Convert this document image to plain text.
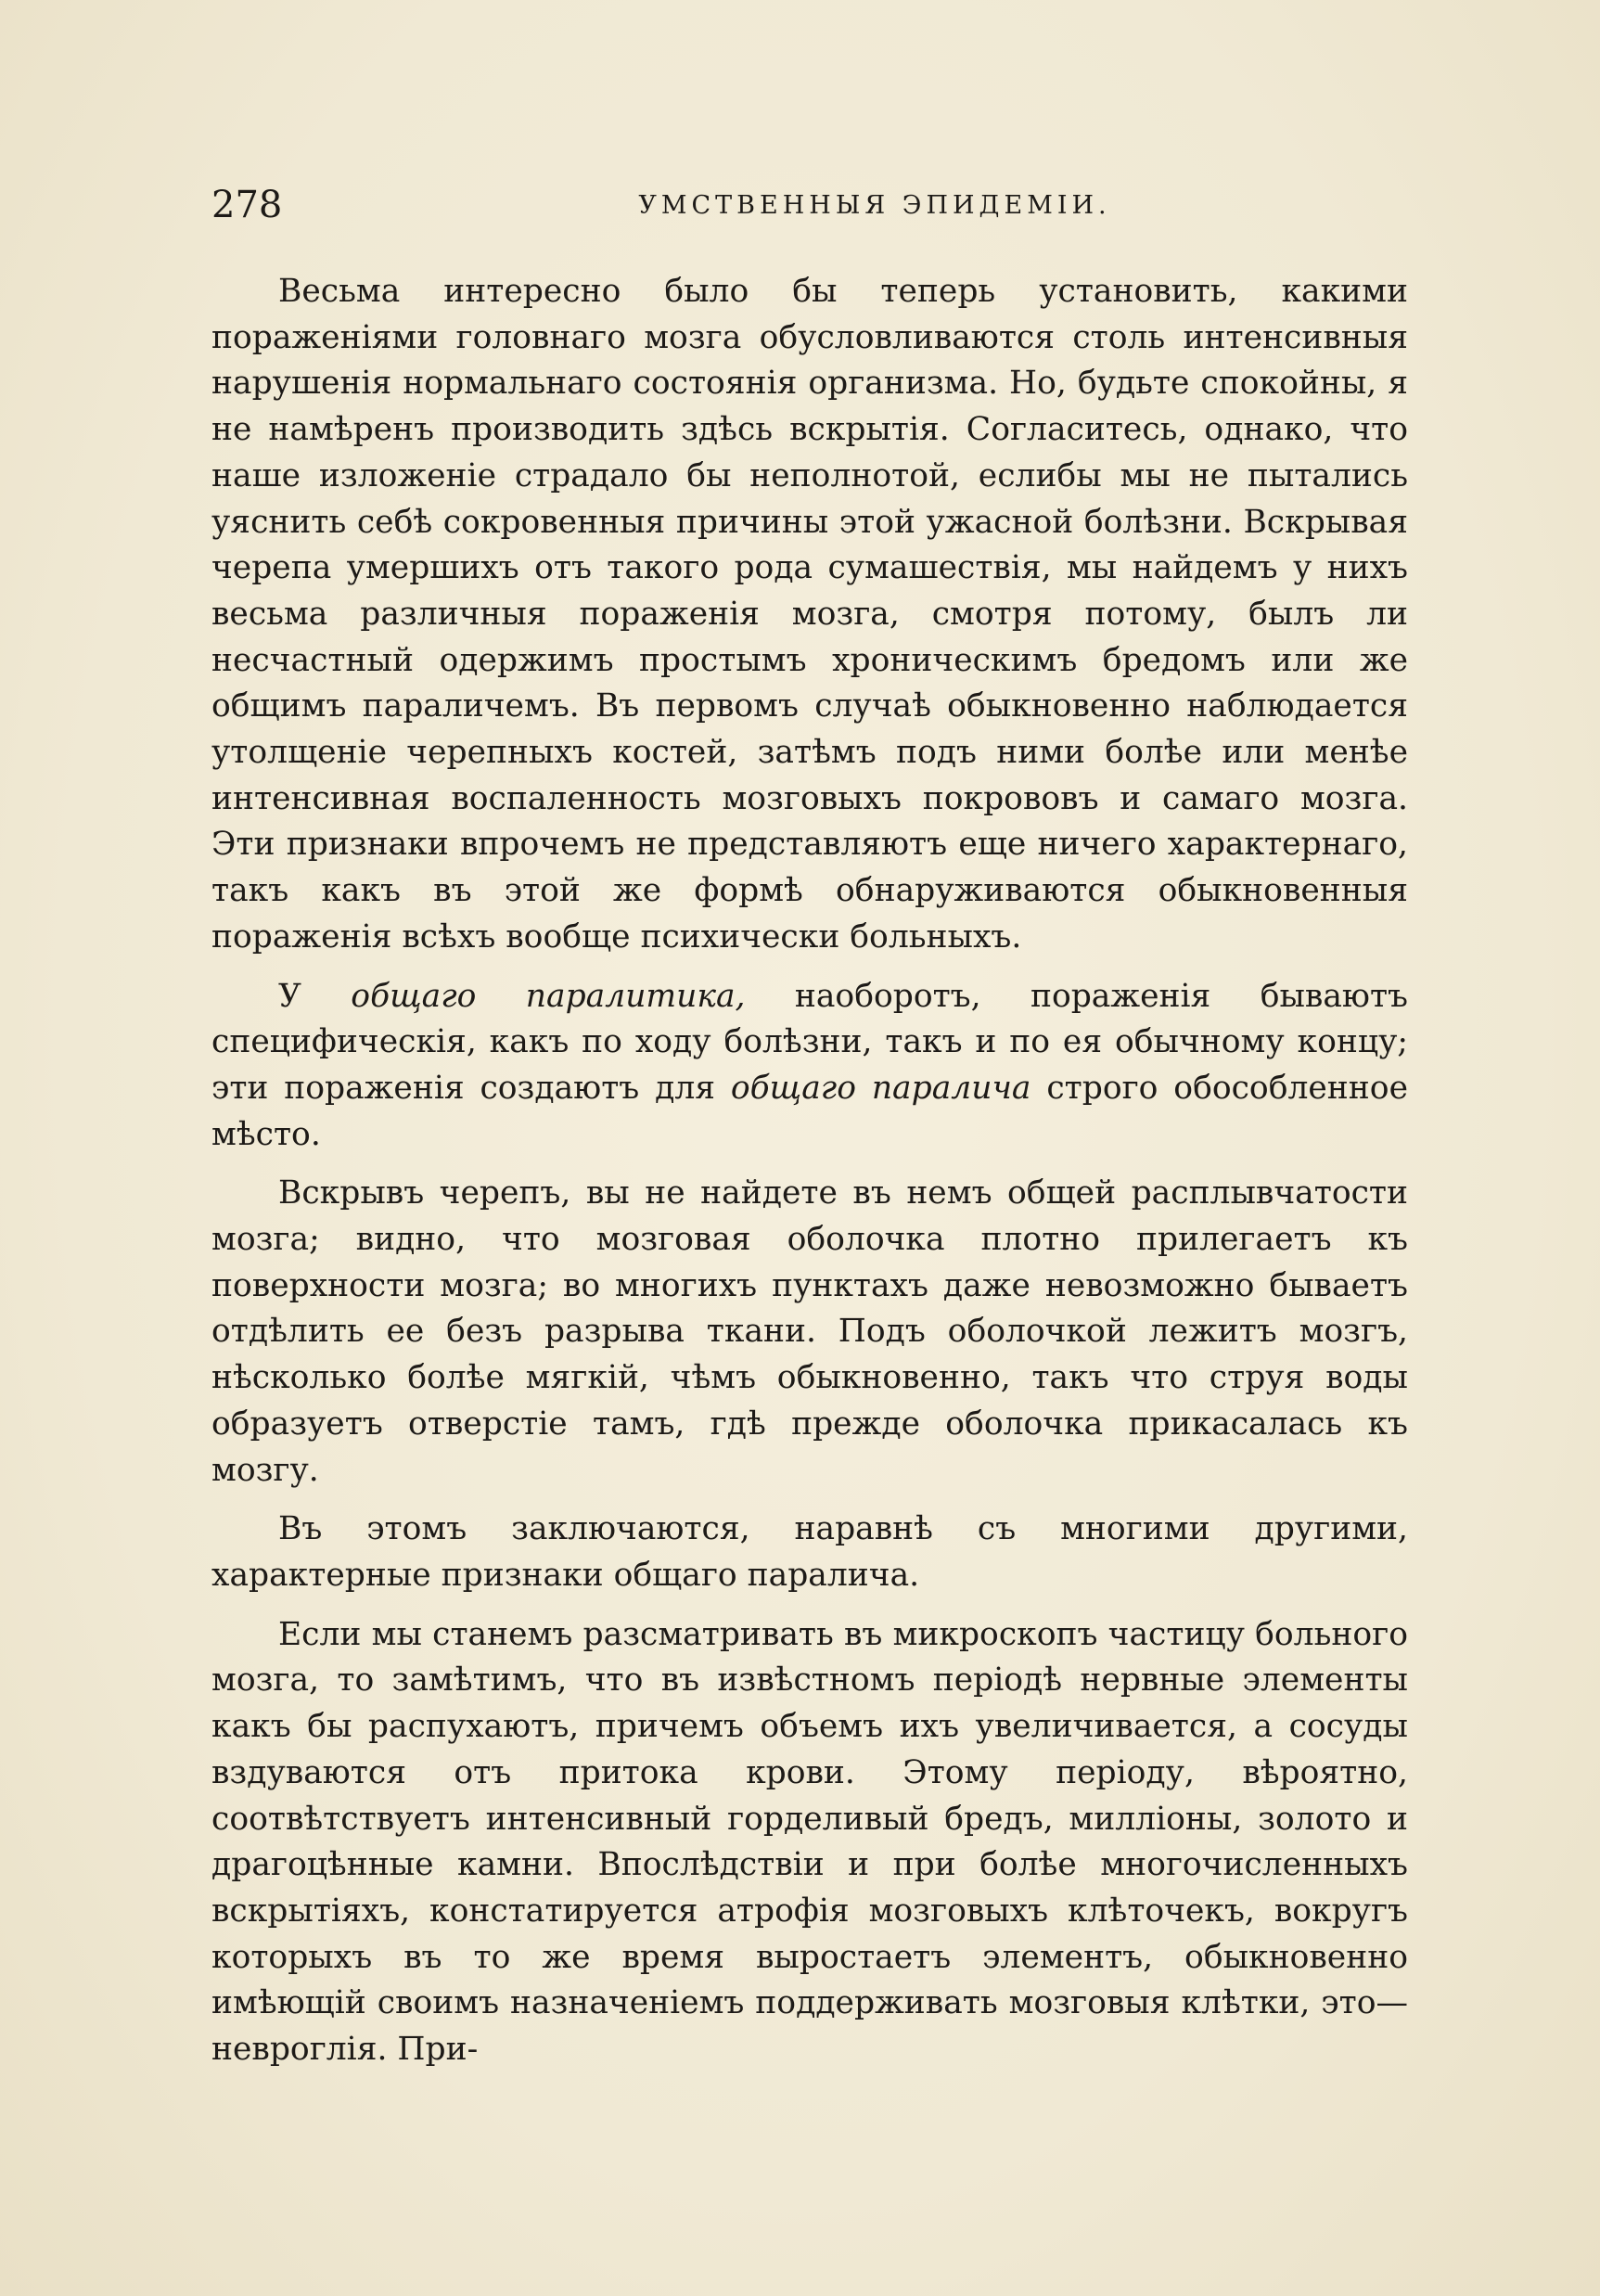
278	УМСТВЕННЫЯ ЭПИДЕМІИ.

Весьма интересно было бы теперь установить, какими пораженіями головнаго мозга обусловливаются столь интенсивныя нарушенія нормальнаго состоянія организма. Но, будьте спокойны, я не намѣренъ производить здѣсь вскрытія. Согласитесь, однако, что наше изложеніе страдало бы неполнотой, еслибы мы не пытались уяснить себѣ сокровенныя причины этой ужасной болѣзни. Вскрывая черепа умершихъ отъ такого рода сумашествія, мы найдемъ у нихъ весьма различныя пораженія мозга, смотря потому, былъ ли несчастный одержимъ простымъ хроническимъ бредомъ или же общимъ параличемъ. Въ первомъ случаѣ обыкновенно наблюдается утолщеніе черепныхъ костей, затѣмъ подъ ними болѣе или менѣе интенсивная воспаленность мозговыхъ покрововъ и самаго мозга. Эти признаки впрочемъ не представляютъ еще ничего характернаго, такъ какъ въ этой же формѣ обнаруживаются обыкновенныя пораженія всѣхъ вообще психически больныхъ.

У общаго паралитика, наоборотъ, пораженія бываютъ специфическія, какъ по ходу болѣзни, такъ и по ея обычному концу; эти пораженія создаютъ для общаго паралича строго обособленное мѣсто.

Вскрывъ черепъ, вы не найдете въ немъ общей расплывчатости мозга; видно, что мозговая оболочка плотно прилегаетъ къ поверхности мозга; во многихъ пунктахъ даже невозможно бываетъ отдѣлить ее безъ разрыва ткани. Подъ оболочкой лежитъ мозгъ, нѣсколько болѣе мягкій, чѣмъ обыкновенно, такъ что струя воды образуетъ отверстіе тамъ, гдѣ прежде оболочка прикасалась къ мозгу.

Въ этомъ заключаются, наравнѣ съ многими другими, характерные признаки общаго паралича.

Если мы станемъ разсматривать въ микроскопъ частицу больного мозга, то замѣтимъ, что въ извѣстномъ періодѣ нервные элементы какъ бы распухаютъ, причемъ объемъ ихъ увеличивается, а сосуды вздуваются отъ притока крови. Этому періоду, вѣроятно, соотвѣтствуетъ интенсивный горделивый бредъ, милліоны, золото и драгоцѣнные камни. Впослѣдствіи и при болѣе многочисленныхъ вскрытіяхъ, констатируется атрофія мозговыхъ клѣточекъ, вокругъ которыхъ въ то же время выростаетъ элементъ, обыкновенно имѣющій своимъ назначеніемъ поддерживать мозговыя клѣтки, это—невроглія. При-
